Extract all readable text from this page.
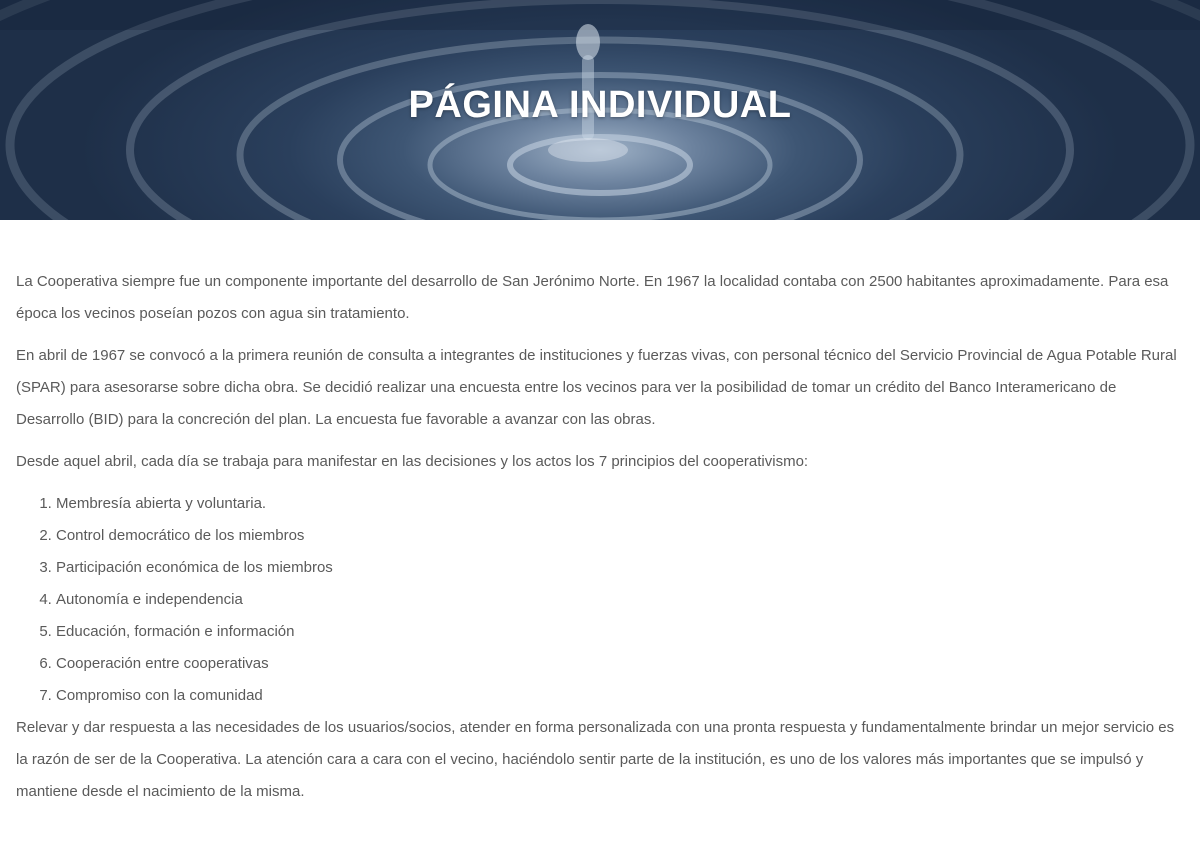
PÁGINA INDIVIDUAL

La Cooperativa siempre fue un componente importante del desarrollo de San Jerónimo Norte. En 1967 la localidad contaba con 2500 habitantes aproximadamente. Para esa época los vecinos poseían pozos con agua sin tratamiento.

En abril de 1967 se convocó a la primera reunión de consulta a integrantes de instituciones y fuerzas vivas, con personal técnico del Servicio Provincial de Agua Potable Rural (SPAR) para asesorarse sobre dicha obra. Se decidió realizar una encuesta entre los vecinos para ver la posibilidad de tomar un crédito del Banco Interamericano de Desarrollo (BID) para la concreción del plan. La encuesta fue favorable a avanzar con las obras.

Desde aquel abril, cada día se trabaja para manifestar en las decisiones y los actos los 7 principios del cooperativismo:

1. Membresía abierta y voluntaria.
2. Control democrático de los miembros
3. Participación económica de los miembros
4. Autonomía e independencia
5. Educación, formación e información
6. Cooperación entre cooperativas
7. Compromiso con la comunidad

Relevar y dar respuesta a las necesidades de los usuarios/socios, atender en forma personalizada con una pronta respuesta y fundamentalmente brindar un mejor servicio es la razón de ser de la Cooperativa. La atención cara a cara con el vecino, haciéndolo sentir parte de la institución, es uno de los valores más importantes que se impulsó y mantiene desde el nacimiento de la misma.
